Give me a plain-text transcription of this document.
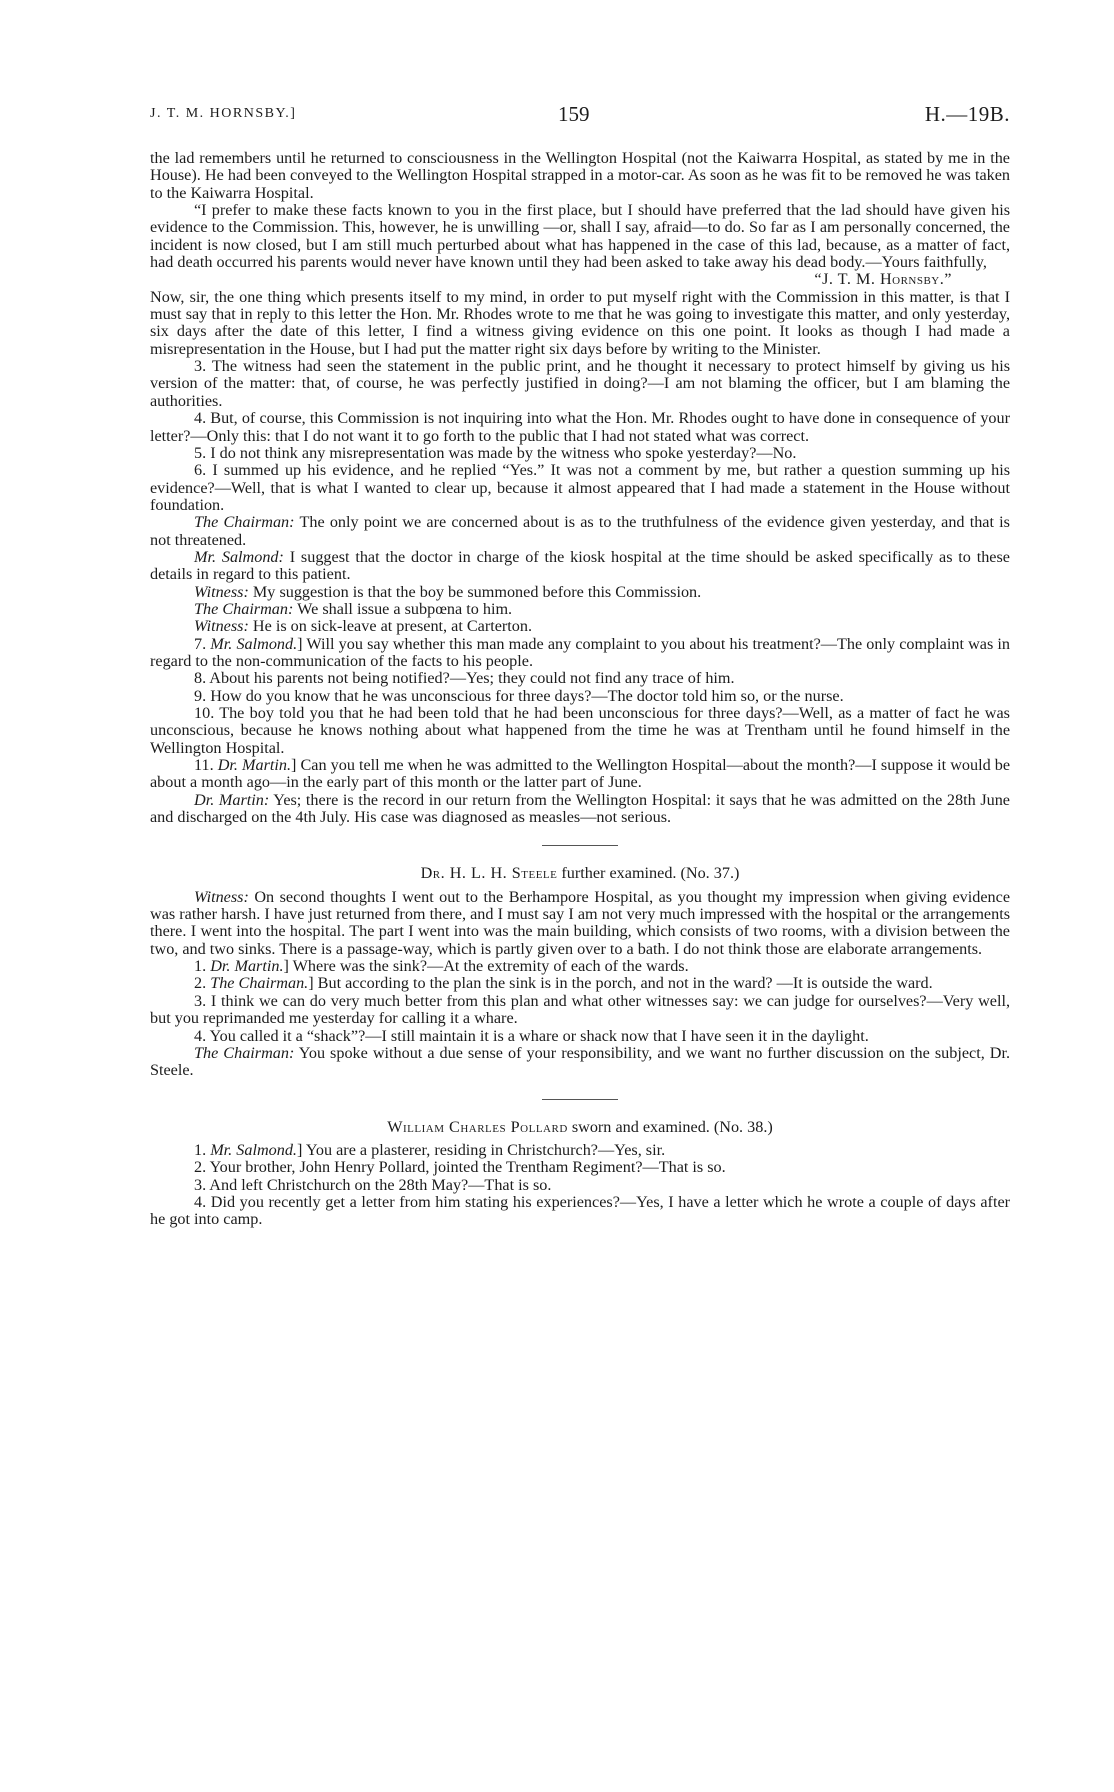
J. T. M. HORNSBY.]	159	H.—19B.

the lad remembers until he returned to consciousness in the Wellington Hospital (not the Kaiwarra Hospital, as stated by me in the House). He had been conveyed to the Wellington Hospital strapped in a motor-car. As soon as he was fit to be removed he was taken to the Kaiwarra Hospital.

“I prefer to make these facts known to you in the first place, but I should have preferred that the lad should have given his evidence to the Commission. This, however, he is unwilling —or, shall I say, afraid—to do. So far as I am personally concerned, the incident is now closed, but I am still much perturbed about what has happened in the case of this lad, because, as a matter of fact, had death occurred his parents would never have known until they had been asked to take away his dead body.—Yours faithfully,

“J. T. M. Hornsby.”

Now, sir, the one thing which presents itself to my mind, in order to put myself right with the Commission in this matter, is that I must say that in reply to this letter the Hon. Mr. Rhodes wrote to me that he was going to investigate this matter, and only yesterday, six days after the date of this letter, I find a witness giving evidence on this one point. It looks as though I had made a misrepresentation in the House, but I had put the matter right six days before by writing to the Minister.

3. The witness had seen the statement in the public print, and he thought it necessary to protect himself by giving us his version of the matter: that, of course, he was perfectly justified in doing?—I am not blaming the officer, but I am blaming the authorities.

4. But, of course, this Commission is not inquiring into what the Hon. Mr. Rhodes ought to have done in consequence of your letter?—Only this: that I do not want it to go forth to the public that I had not stated what was correct.

5. I do not think any misrepresentation was made by the witness who spoke yesterday?—No.

6. I summed up his evidence, and he replied “Yes.” It was not a comment by me, but rather a question summing up his evidence?—Well, that is what I wanted to clear up, because it almost appeared that I had made a statement in the House without foundation.

The Chairman: The only point we are concerned about is as to the truthfulness of the evidence given yesterday, and that is not threatened.

Mr. Salmond: I suggest that the doctor in charge of the kiosk hospital at the time should be asked specifically as to these details in regard to this patient.

Witness: My suggestion is that the boy be summoned before this Commission.

The Chairman: We shall issue a subpœna to him.

Witness: He is on sick-leave at present, at Carterton.

7. Mr. Salmond.] Will you say whether this man made any complaint to you about his treatment?—The only complaint was in regard to the non-communication of the facts to his people.

8. About his parents not being notified?—Yes; they could not find any trace of him.

9. How do you know that he was unconscious for three days?—The doctor told him so, or the nurse.

10. The boy told you that he had been told that he had been unconscious for three days?—Well, as a matter of fact he was unconscious, because he knows nothing about what happened from the time he was at Trentham until he found himself in the Wellington Hospital.

11. Dr. Martin.] Can you tell me when he was admitted to the Wellington Hospital—about the month?—I suppose it would be about a month ago—in the early part of this month or the latter part of June.

Dr. Martin: Yes; there is the record in our return from the Wellington Hospital: it says that he was admitted on the 28th June and discharged on the 4th July. His case was diagnosed as measles—not serious.

Dr. H. L. H. Steele further examined. (No. 37.)

Witness: On second thoughts I went out to the Berhampore Hospital, as you thought my impression when giving evidence was rather harsh. I have just returned from there, and I must say I am not very much impressed with the hospital or the arrangements there. I went into the hospital. The part I went into was the main building, which consists of two rooms, with a division between the two, and two sinks. There is a passage-way, which is partly given over to a bath. I do not think those are elaborate arrangements.

1. Dr. Martin.] Where was the sink?—At the extremity of each of the wards.

2. The Chairman.] But according to the plan the sink is in the porch, and not in the ward? —It is outside the ward.

3. I think we can do very much better from this plan and what other witnesses say: we can judge for ourselves?—Very well, but you reprimanded me yesterday for calling it a whare.

4. You called it a “shack”?—I still maintain it is a whare or shack now that I have seen it in the daylight.

The Chairman: You spoke without a due sense of your responsibility, and we want no further discussion on the subject, Dr. Steele.

William Charles Pollard sworn and examined. (No. 38.)

1. Mr. Salmond.] You are a plasterer, residing in Christchurch?—Yes, sir.

2. Your brother, John Henry Pollard, jointed the Trentham Regiment?—That is so.

3. And left Christchurch on the 28th May?—That is so.

4. Did you recently get a letter from him stating his experiences?—Yes, I have a letter which he wrote a couple of days after he got into camp.
